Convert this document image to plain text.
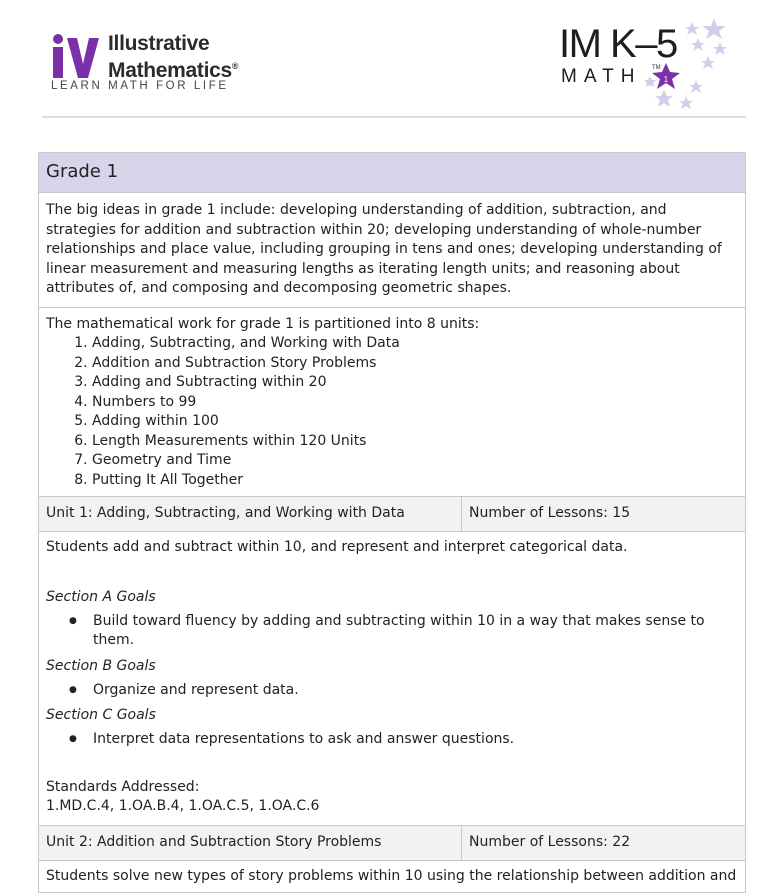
Illustrative
Mathematics®
LEARN MATH FOR LIFE
1
IM K–5
MATH TM
Grade 1
The big ideas in grade 1 include: developing understanding of addition, subtraction, and strategies for addition and subtraction within 20; developing understanding of whole-number relationships and place value, including grouping in tens and ones; developing understanding of linear measurement and measuring lengths as iterating length units; and reasoning about attributes of, and composing and decomposing geometric shapes.
The mathematical work for grade 1 is partitioned into 8 units:
1. Adding, Subtracting, and Working with Data
2. Addition and Subtraction Story Problems
3. Adding and Subtracting within 20
4. Numbers to 99
5. Adding within 100
6. Length Measurements within 120 Units
7. Geometry and Time
8. Putting It All Together
Unit 1: Adding, Subtracting, and Working with Data	Number of Lessons: 15

Students add and subtract within 10, and represent and interpret categorical data.

Section A Goals

● Build toward fluency by adding and subtracting within 10 in a way that makes sense to them.

Section B Goals

● Organize and represent data.

Section C Goals

● Interpret data representations to ask and answer questions.
Standards Addressed:
1.MD.C.4, 1.OA.B.4, 1.OA.C.5, 1.OA.C.6
Unit 2: Addition and Subtraction Story Problems	Number of Lessons: 22
Students solve new types of story problems within 10 using the relationship between addition and
